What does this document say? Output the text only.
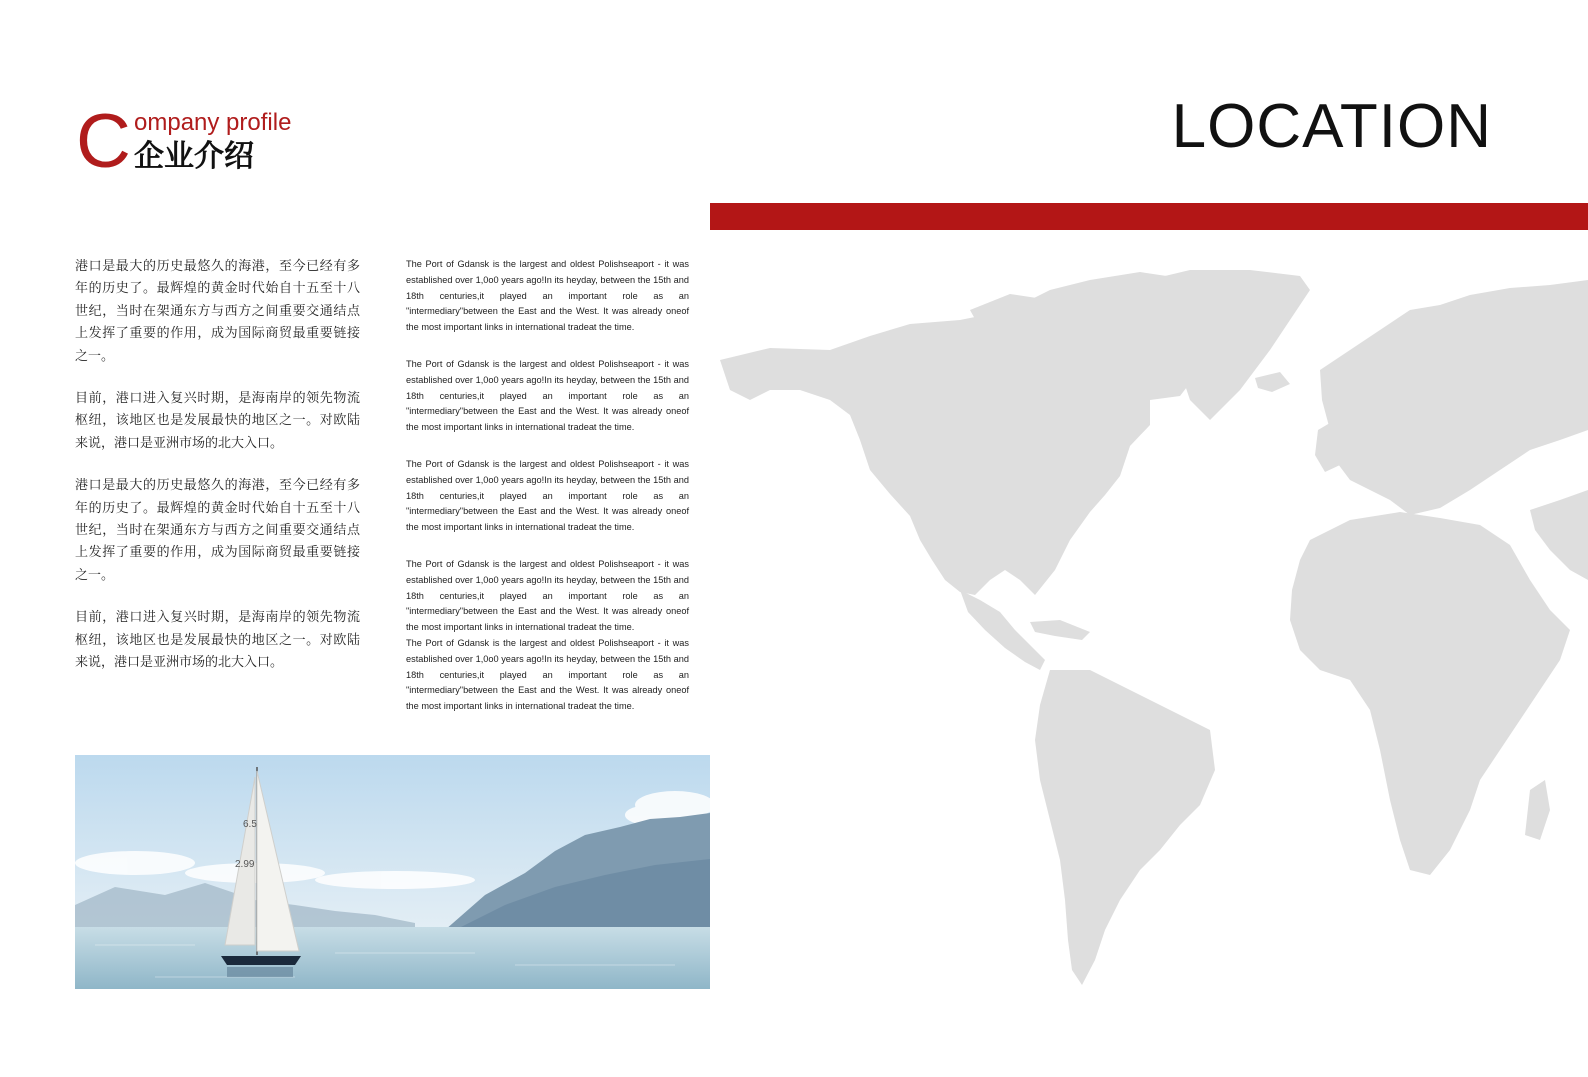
C ompany profile
企业介绍	LOCATION

港口是最大的历史最悠久的海港，至今已经有多年的历史了。最辉煌的黄金时代始自十五至十八世纪，当时在架通东方与西方之间重要交通结点上发挥了重要的作用，成为国际商贸最重要链接之一。

目前，港口进入复兴时期，是海南岸的领先物流枢纽，该地区也是发展最快的地区之一。对欧陆来说，港口是亚洲市场的北大入口。

港口是最大的历史最悠久的海港，至今已经有多年的历史了。最辉煌的黄金时代始自十五至十八世纪，当时在架通东方与西方之间重要交通结点上发挥了重要的作用，成为国际商贸最重要链接之一。

目前，港口进入复兴时期，是海南岸的领先物流枢纽，该地区也是发展最快的地区之一。对欧陆来说，港口是亚洲市场的北大入口。

The Port of Gdansk is the largest and oldest Polishseaport - it was established over 1,0o0 years ago!In its heyday, between the 15th and 18th centuries,it played an important role as an "intermediary"between the East and the West. It was already oneof the most important links in international tradeat the time.

The Port of Gdansk is the largest and oldest Polishseaport - it was established over 1,0o0 years ago!In its heyday, between the 15th and 18th centuries,it played an important role as an "intermediary"between the East and the West. It was already oneof the most important links in international tradeat the time.

The Port of Gdansk is the largest and oldest Polishseaport - it was established over 1,0o0 years ago!In its heyday, between the 15th and 18th centuries,it played an important role as an "intermediary"between the East and the West. It was already oneof the most important links in international tradeat the time.

The Port of Gdansk is the largest and oldest Polishseaport - it was established over 1,0o0 years ago!In its heyday, between the 15th and 18th centuries,it played an important role as an "intermediary"between the East and the West. It was already oneof the most important links in international tradeat the time.

The Port of Gdansk is the largest and oldest Polishseaport - it was established over 1,0o0 years ago!In its heyday, between the 15th and 18th centuries,it played an important role as an "intermediary"between the East and the West. It was already oneof the most important links in international tradeat the time.

6.5
2.99
